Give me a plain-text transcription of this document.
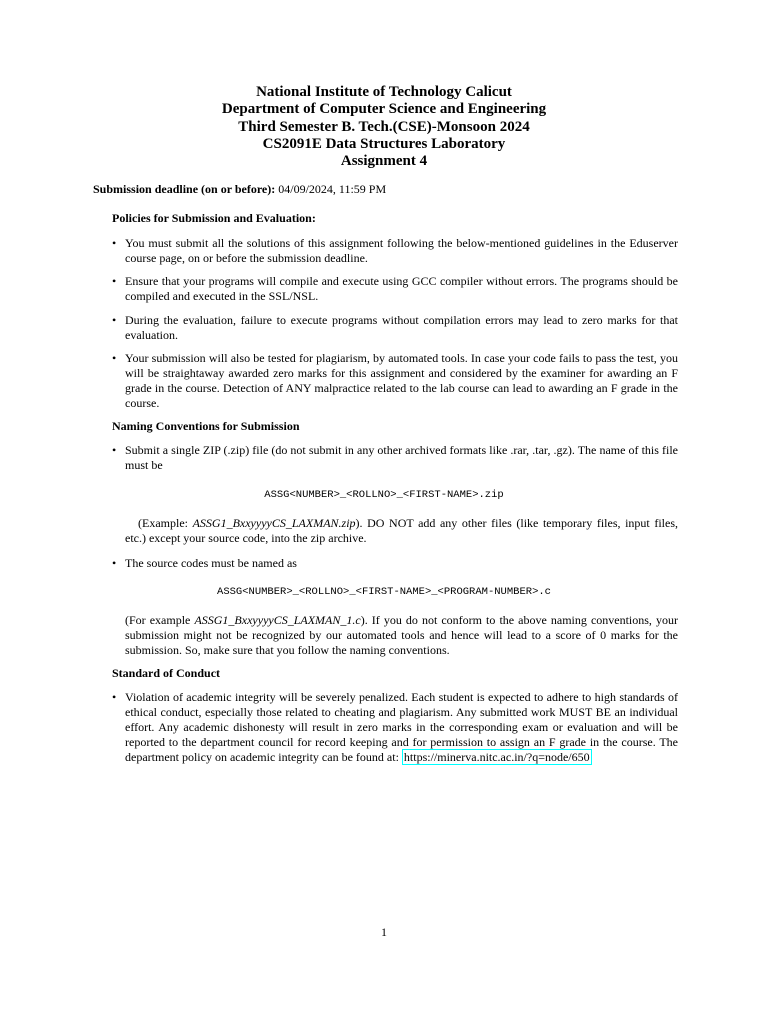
National Institute of Technology Calicut
Department of Computer Science and Engineering
Third Semester B. Tech.(CSE)-Monsoon 2024
CS2091E Data Structures Laboratory
Assignment 4
Submission deadline (on or before): 04/09/2024, 11:59 PM
Policies for Submission and Evaluation:
• You must submit all the solutions of this assignment following the below-mentioned guidelines in the Eduserver course page, on or before the submission deadline.
• Ensure that your programs will compile and execute using GCC compiler without errors. The programs should be compiled and executed in the SSL/NSL.
• During the evaluation, failure to execute programs without compilation errors may lead to zero marks for that evaluation.
• Your submission will also be tested for plagiarism, by automated tools. In case your code fails to pass the test, you will be straightaway awarded zero marks for this assignment and considered by the examiner for awarding an F grade in the course. Detection of ANY malpractice related to the lab course can lead to awarding an F grade in the course.
Naming Conventions for Submission
• Submit a single ZIP (.zip) file (do not submit in any other archived formats like .rar, .tar, .gz). The name of this file must be
ASSG<NUMBER>_<ROLLNO>_<FIRST-NAME>.zip
(Example: ASSG1_BxxyyyyCS_LAXMAN.zip). DO NOT add any other files (like temporary files, input files, etc.) except your source code, into the zip archive.
• The source codes must be named as
ASSG<NUMBER>_<ROLLNO>_<FIRST-NAME>_<PROGRAM-NUMBER>.c
(For example ASSG1_BxxyyyyCS_LAXMAN_1.c). If you do not conform to the above naming conventions, your submission might not be recognized by our automated tools and hence will lead to a score of 0 marks for the submission. So, make sure that you follow the naming conventions.
Standard of Conduct
• Violation of academic integrity will be severely penalized. Each student is expected to adhere to high standards of ethical conduct, especially those related to cheating and plagiarism. Any submitted work MUST BE an individual effort. Any academic dishonesty will result in zero marks in the corresponding exam or evaluation and will be reported to the department council for record keeping and for permission to assign an F grade in the course. The department policy on academic integrity can be found at: https://minerva.nitc.ac.in/?q=node/650
1
